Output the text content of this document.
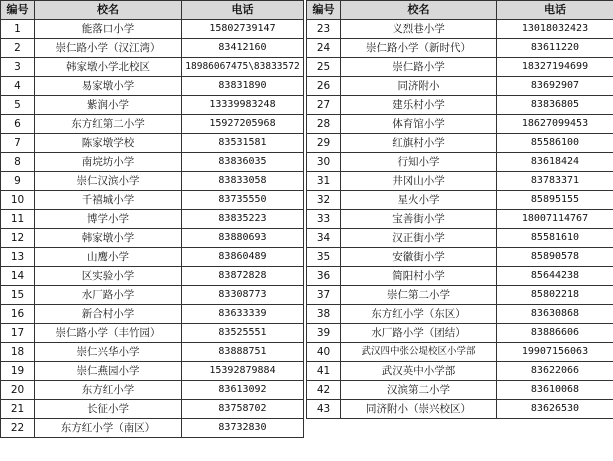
编号	校名	电话
1	能落口小学	15802739147
2	崇仁路小学（汉江湾）	83412160
3	韩家墩小学北校区	18986067475\83833572
4	易家墩小学	83831890
5	紫润小学	13339983248
6	东方红第二小学	15927205968
7	陈家墩学校	83531581
8	南垸坊小学	83836035
9	崇仁汉滨小学	83833058
10	千禧城小学	83735550
11	博学小学	83835223
12	韩家墩小学	83880693
13	山鹰小学	83860489
14	区实验小学	83872828
15	水厂路小学	83308773
16	新合村小学	83633339
17	崇仁路小学（丰竹园）	83525551
18	崇仁兴华小学	83888751
19	崇仁燕园小学	15392879884
20	东方红小学	83613092
21	长征小学	83758702
22	东方红小学（南区）	83732830
编号	校名	电话
23	义烈巷小学	13018032423
24	崇仁路小学（新时代）	83611220
25	崇仁路小学	18327194699
26	同济附小	83692907
27	建乐村小学	83836805
28	体育馆小学	18627099453
29	红旗村小学	85586100
30	行知小学	83618424
31	井冈山小学	83783371
32	星火小学	85895155
33	宝善街小学	18007114767
34	汉正街小学	85581610
35	安徽街小学	85890578
36	简阳村小学	85644238
37	崇仁第二小学	85802218
38	东方红小学（东区）	83630868
39	水厂路小学（团结）	83886606
40	武汉四中张公堤校区小学部	19907156063
41	武汉英中小学部	83622066
42	汉滨第二小学	83610068
43	同济附小（崇兴校区）	83626530
